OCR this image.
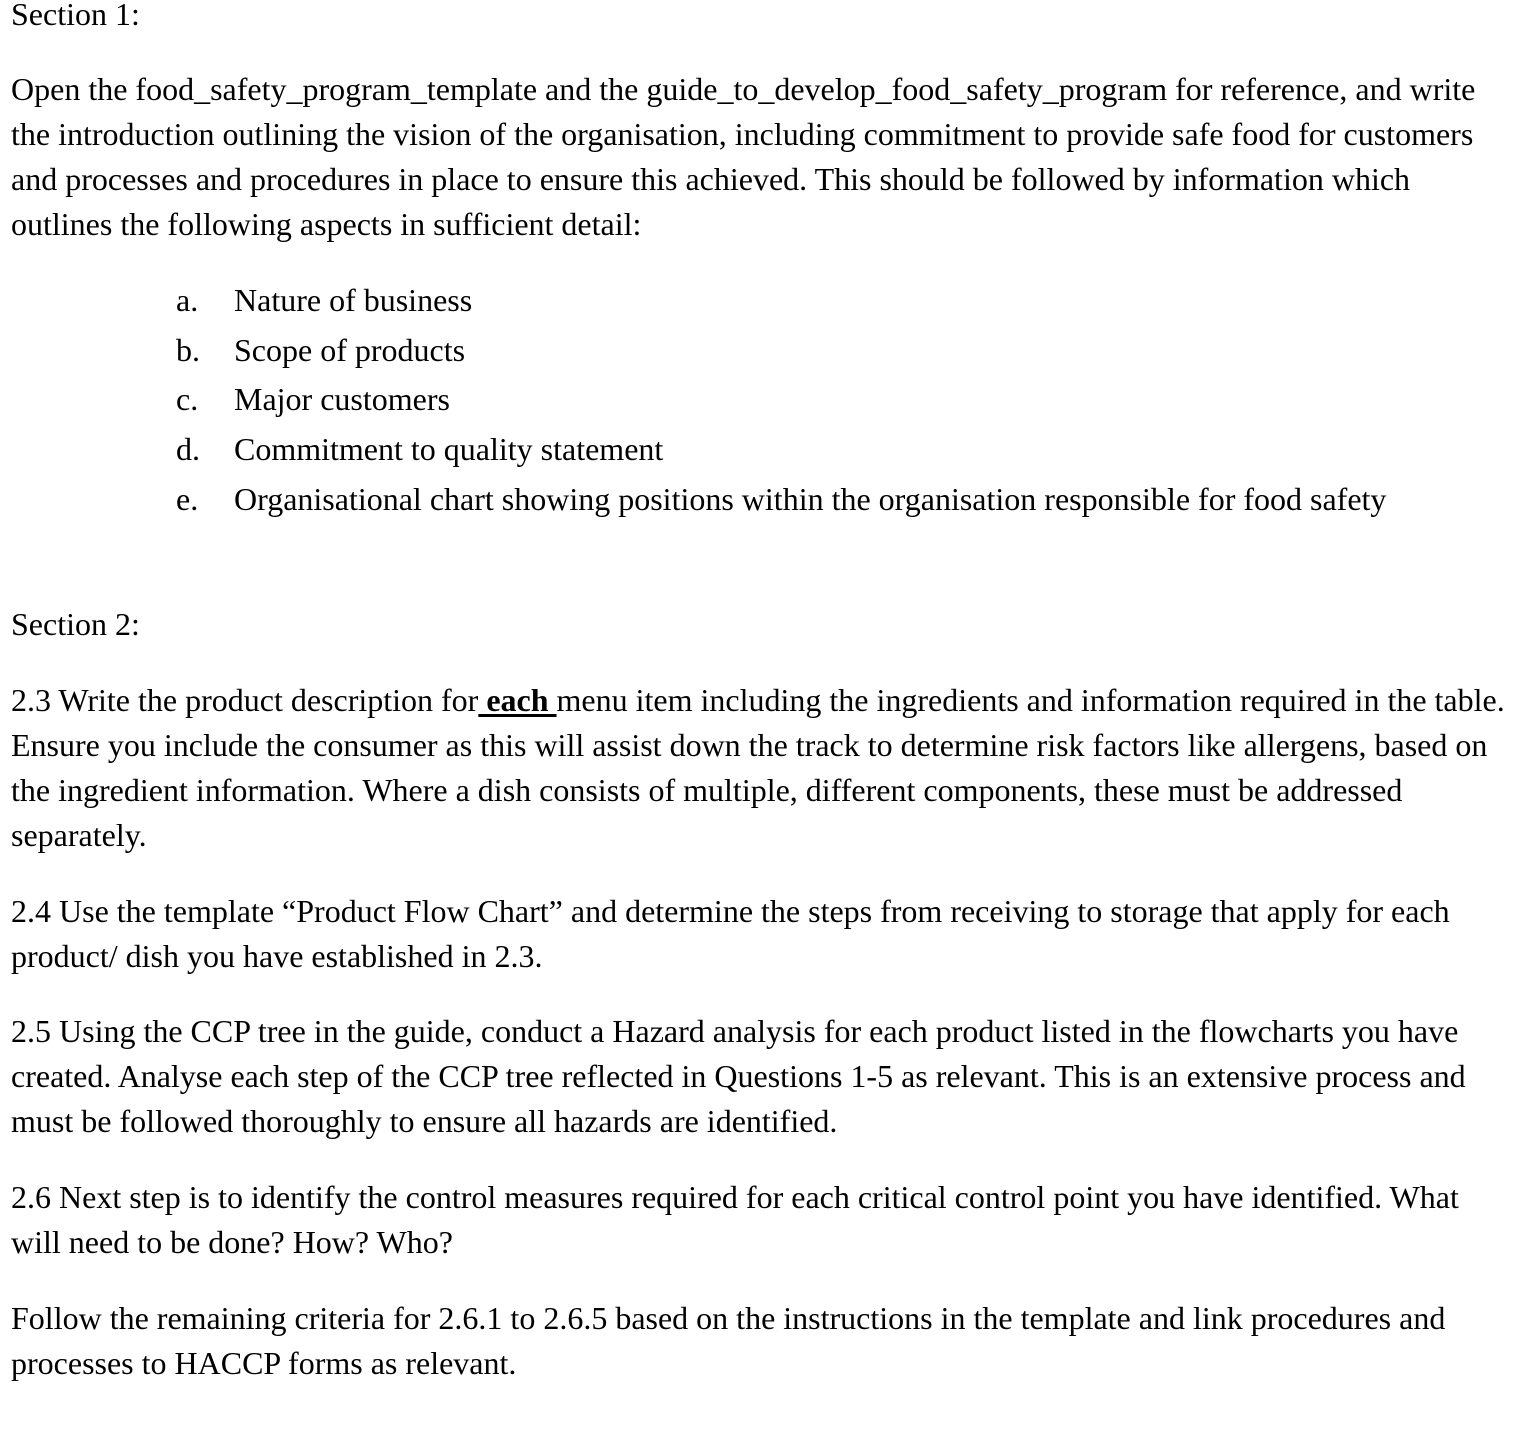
Section 1:

Open the food_safety_program_template and the guide_to_develop_food_safety_program for reference, and write the introduction outlining the vision of the organisation, including commitment to provide safe food for customers and processes and procedures in place to ensure this achieved. This should be followed by information which outlines the following aspects in sufficient detail:

a.	Nature of business
b.	Scope of products
c.	Major customers
d.	Commitment to quality statement
e.	Organisational chart showing positions within the organisation responsible for food safety
Section 2:

2.3 Write the product description for each menu item including the ingredients and information required in the table. Ensure you include the consumer as this will assist down the track to determine risk factors like allergens, based on the ingredient information. Where a dish consists of multiple, different components, these must be addressed separately.

2.4 Use the template “Product Flow Chart” and determine the steps from receiving to storage that apply for each product/ dish you have established in 2.3.

2.5 Using the CCP tree in the guide, conduct a Hazard analysis for each product listed in the flowcharts you have created. Analyse each step of the CCP tree reflected in Questions 1-5 as relevant. This is an extensive process and must be followed thoroughly to ensure all hazards are identified.

2.6 Next step is to identify the control measures required for each critical control point you have identified. What will need to be done? How? Who?

Follow the remaining criteria for 2.6.1 to 2.6.5 based on the instructions in the template and link procedures and processes to HACCP forms as relevant.
